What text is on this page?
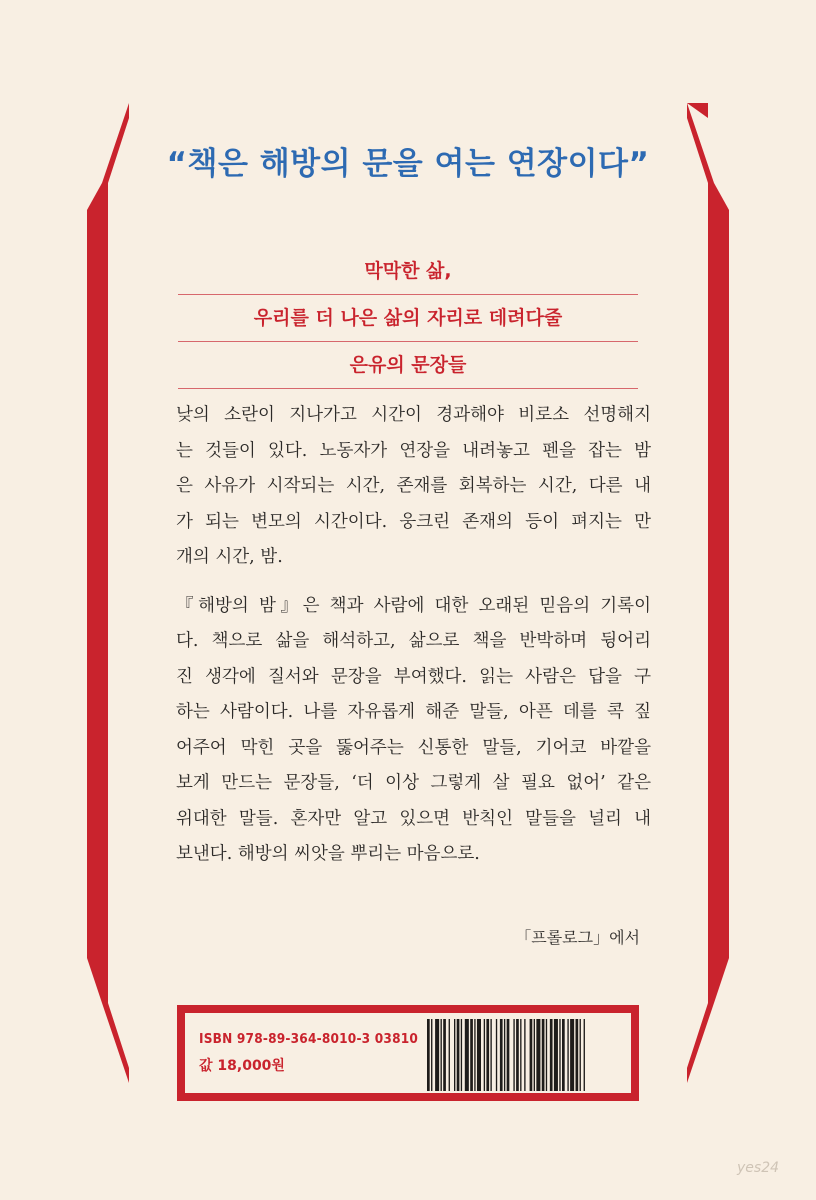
“책은 해방의 문을 여는 연장이다”
막막한 삶,
우리를 더 나은 삶의 자리로 데려다줄
은유의 문장들

낮의 소란이 지나가고 시간이 경과해야 비로소 선명해지
는 것들이 있다. 노동자가 연장을 내려놓고 펜을 잡는 밤
은 사유가 시작되는 시간, 존재를 회복하는 시간, 다른 내
가 되는 변모의 시간이다. 웅크린 존재의 등이 펴지는 만
개의 시간, 밤.

『해방의 밤』은 책과 사람에 대한 오래된 믿음의 기록이
다. 책으로 삶을 해석하고, 삶으로 책을 반박하며 뒹어리
진 생각에 질서와 문장을 부여했다. 읽는 사람은 답을 구
하는 사람이다. 나를 자유롭게 해준 말들, 아픈 데를 콕 짚
어주어 막힌 곳을 뚫어주는 신통한 말들, 기어코 바깥을
보게 만드는 문장들, ‘더 이상 그렇게 살 필요 없어’ 같은
위대한 말들. 혼자만 알고 있으면 반칙인 말들을 널리 내
보낸다. 해방의 씨앗을 뿌리는 마음으로.

「프롤로그」에서
ISBN 978-89-364-8010-3 03810
값 18,000원
yes24
